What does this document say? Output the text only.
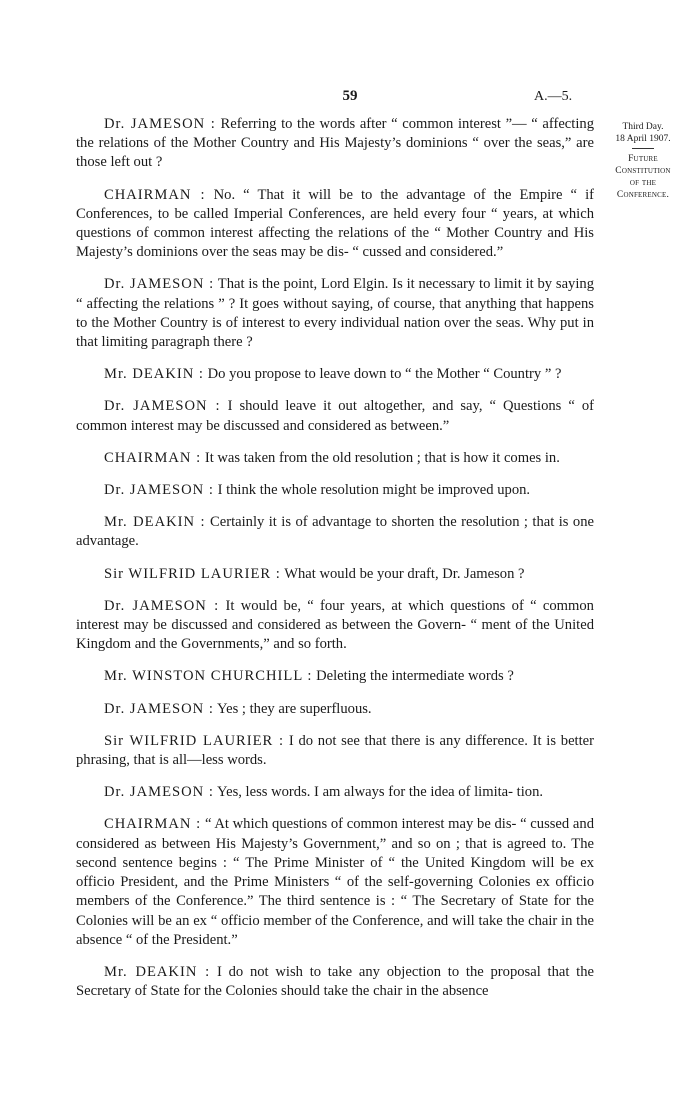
59	A.—5.
Third Day.
18 April 1907.
Future
Constitution
of the
Conference.

Dr. JAMESON : Referring to the words after “ common interest ”— “ affecting the relations of the Mother Country and His Majesty’s dominions “ over the seas,” are those left out ?

CHAIRMAN : No. “ That it will be to the advantage of the Empire “ if Conferences, to be called Imperial Conferences, are held every four “ years, at which questions of common interest affecting the relations of the “ Mother Country and His Majesty’s dominions over the seas may be dis- “ cussed and considered.”

Dr. JAMESON : That is the point, Lord Elgin. Is it necessary to limit it by saying “ affecting the relations ” ? It goes without saying, of course, that anything that happens to the Mother Country is of interest to every individual nation over the seas. Why put in that limiting paragraph there ?

Mr. DEAKIN : Do you propose to leave down to “ the Mother “ Country ” ?

Dr. JAMESON : I should leave it out altogether, and say, “ Questions “ of common interest may be discussed and considered as between.”

CHAIRMAN : It was taken from the old resolution ; that is how it comes in.

Dr. JAMESON : I think the whole resolution might be improved upon.

Mr. DEAKIN : Certainly it is of advantage to shorten the resolution ; that is one advantage.

Sir WILFRID LAURIER : What would be your draft, Dr. Jameson ?

Dr. JAMESON : It would be, “ four years, at which questions of “ common interest may be discussed and considered as between the Govern- “ ment of the United Kingdom and the Governments,” and so forth.

Mr. WINSTON CHURCHILL : Deleting the intermediate words ?

Dr. JAMESON : Yes ; they are superfluous.

Sir WILFRID LAURIER : I do not see that there is any difference. It is better phrasing, that is all—less words.

Dr. JAMESON : Yes, less words. I am always for the idea of limita- tion.

CHAIRMAN : “ At which questions of common interest may be dis- “ cussed and considered as between His Majesty’s Government,” and so on ; that is agreed to. The second sentence begins : “ The Prime Minister of “ the United Kingdom will be ex officio President, and the Prime Ministers “ of the self-governing Colonies ex officio members of the Conference.” The third sentence is : “ The Secretary of State for the Colonies will be an ex “ officio member of the Conference, and will take the chair in the absence “ of the President.”

Mr. DEAKIN : I do not wish to take any objection to the proposal that the Secretary of State for the Colonies should take the chair in the absence
